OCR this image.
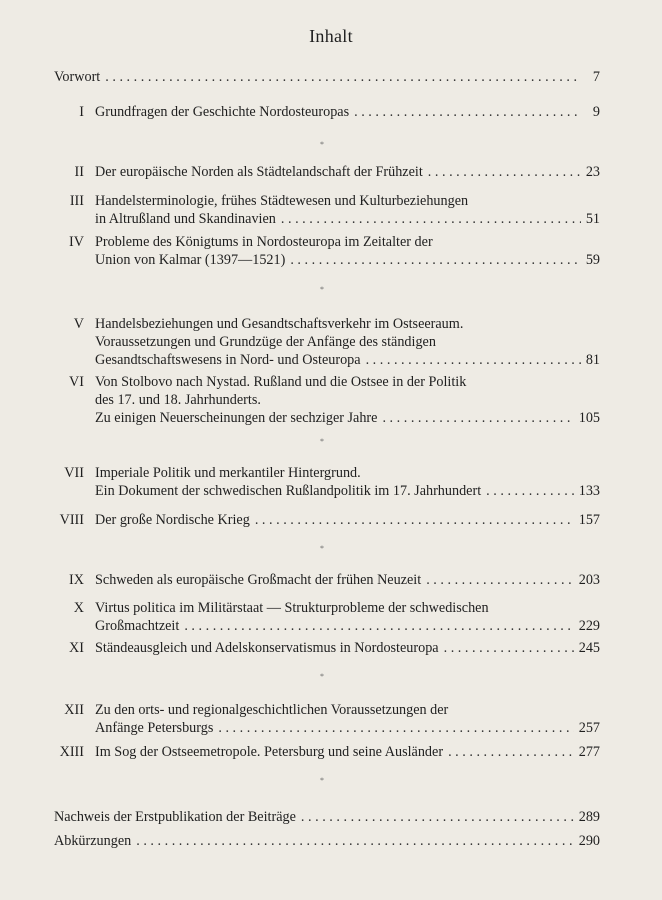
Inhalt
Vorwort . . .	7
I Grundfragen der Geschichte Nordosteuropas . . .	9
II Der europäische Norden als Städtelandschaft der Frühzeit . . .	23
III Handelsterminologie, frühes Städtewesen und Kulturbeziehungen
in Altrußland und Skandinavien . . .	51
IV Probleme des Königtums in Nordosteuropa im Zeitalter der
Union von Kalmar (1397—1521) . . .	59
V Handelsbeziehungen und Gesandtschaftsverkehr im Ostseeraum.
Voraussetzungen und Grundzüge der Anfänge des ständigen
Gesandtschaftswesens in Nord- und Osteuropa . . .	81
VI Von Stolbovo nach Nystad. Rußland und die Ostsee in der Politik
des 17. und 18. Jahrhunderts.
Zu einigen Neuerscheinungen der sechziger Jahre . . .	105
VII Imperiale Politik und merkantiler Hintergrund.
Ein Dokument der schwedischen Rußlandpolitik im 17. Jahrhundert . . .	133
VIII Der große Nordische Krieg . . .	157
IX Schweden als europäische Großmacht der frühen Neuzeit . . .	203
X Virtus politica im Militärstaat — Strukturprobleme der schwedischen
Großmachtzeit . . .	229
XI Ständeausgleich und Adelskonservatismus in Nordosteuropa . . .	245
XII Zu den orts- und regionalgeschichtlichen Voraussetzungen der
Anfänge Petersburgs . . .	257
XIII Im Sog der Ostseemetropole. Petersburg und seine Ausländer . . .	277
Nachweis der Erstpublikation der Beiträge . . .	289
Abkürzungen . . .	290
*
*
*
*
*
*
